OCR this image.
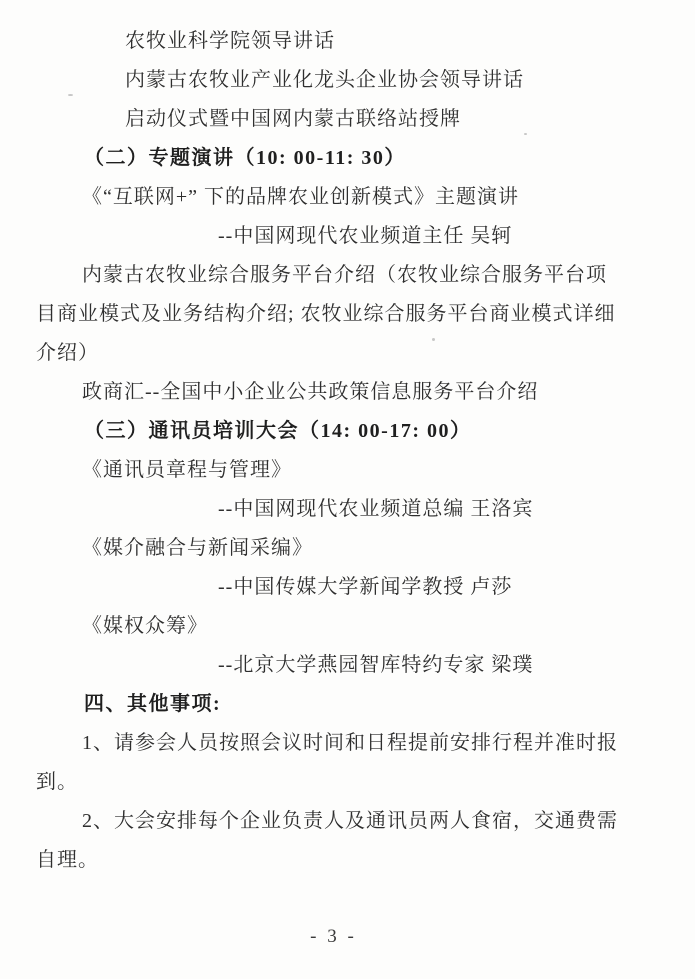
农牧业科学院领导讲话
内蒙古农牧业产业化龙头企业协会领导讲话
启动仪式暨中国网内蒙古联络站授牌
（二）专题演讲（10: 00-11: 30）
《“互联网+” 下的品牌农业创新模式》主题演讲
--中国网现代农业频道主任 吴轲
内蒙古农牧业综合服务平台介绍（农牧业综合服务平台项
目商业模式及业务结构介绍; 农牧业综合服务平台商业模式详细
介绍）
政商汇--全国中小企业公共政策信息服务平台介绍
（三）通讯员培训大会（14: 00-17: 00）
《通讯员章程与管理》
--中国网现代农业频道总编 王洛宾
《媒介融合与新闻采编》
--中国传媒大学新闻学教授 卢莎
《媒权众筹》
--北京大学燕园智库特约专家 梁璞
四、其他事项:
1、请参会人员按照会议时间和日程提前安排行程并准时报
到。
2、大会安排每个企业负责人及通讯员两人食宿，交通费需
自理。
- 3 -
